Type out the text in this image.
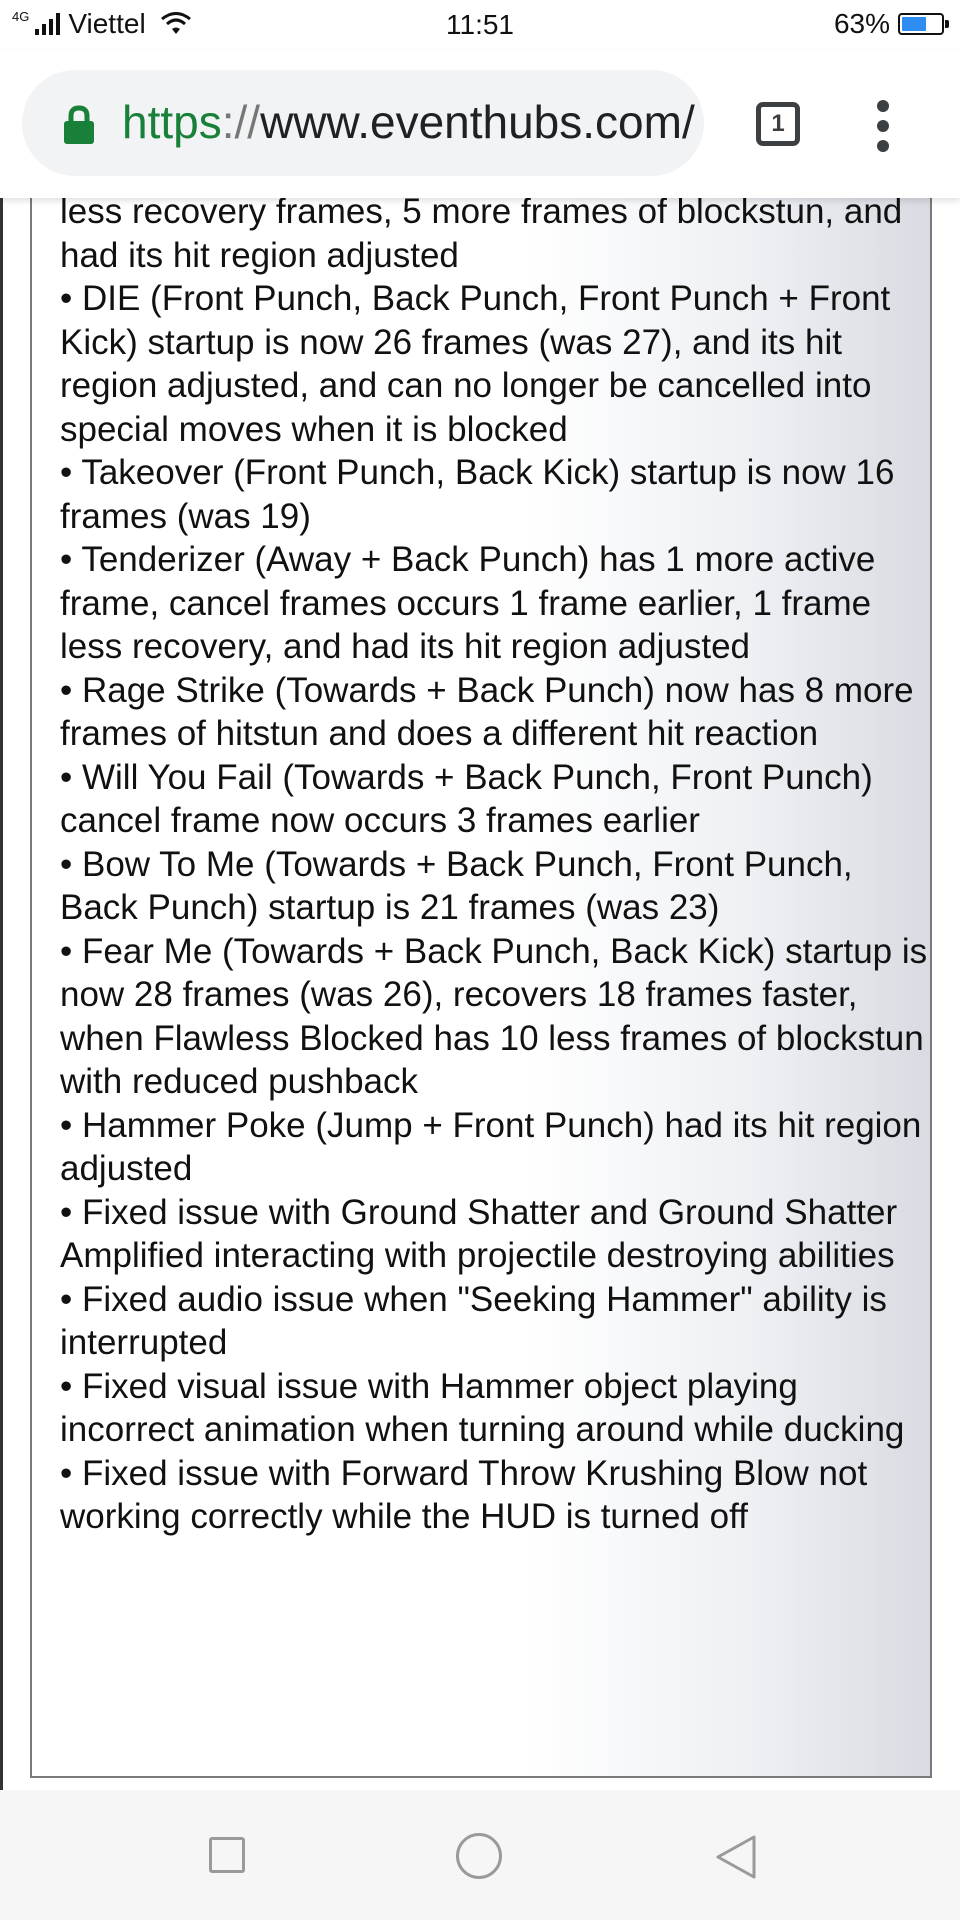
4G Viettel	11:51	63%
https://www.eventhubs.com/	1

less recovery frames, 5 more frames of blockstun, and had its hit region adjusted

• DIE (Front Punch, Back Punch, Front Punch + Front Kick) startup is now 26 frames (was 27), and its hit region adjusted, and can no longer be cancelled into special moves when it is blocked

• Takeover (Front Punch, Back Kick) startup is now 16 frames (was 19)

• Tenderizer (Away + Back Punch) has 1 more active frame, cancel frames occurs 1 frame earlier, 1 frame less recovery, and had its hit region adjusted

• Rage Strike (Towards + Back Punch) now has 8 more frames of hitstun and does a different hit reaction

• Will You Fail (Towards + Back Punch, Front Punch) cancel frame now occurs 3 frames earlier

• Bow To Me (Towards + Back Punch, Front Punch, Back Punch) startup is 21 frames (was 23)

• Fear Me (Towards + Back Punch, Back Kick) startup is now 28 frames (was 26), recovers 18 frames faster, when Flawless Blocked has 10 less frames of blockstun with reduced pushback

• Hammer Poke (Jump + Front Punch) had its hit region adjusted

• Fixed issue with Ground Shatter and Ground Shatter Amplified interacting with projectile destroying abilities

• Fixed audio issue when "Seeking Hammer" ability is interrupted

• Fixed visual issue with Hammer object playing incorrect animation when turning around while ducking

• Fixed issue with Forward Throw Krushing Blow not working correctly while the HUD is turned off
